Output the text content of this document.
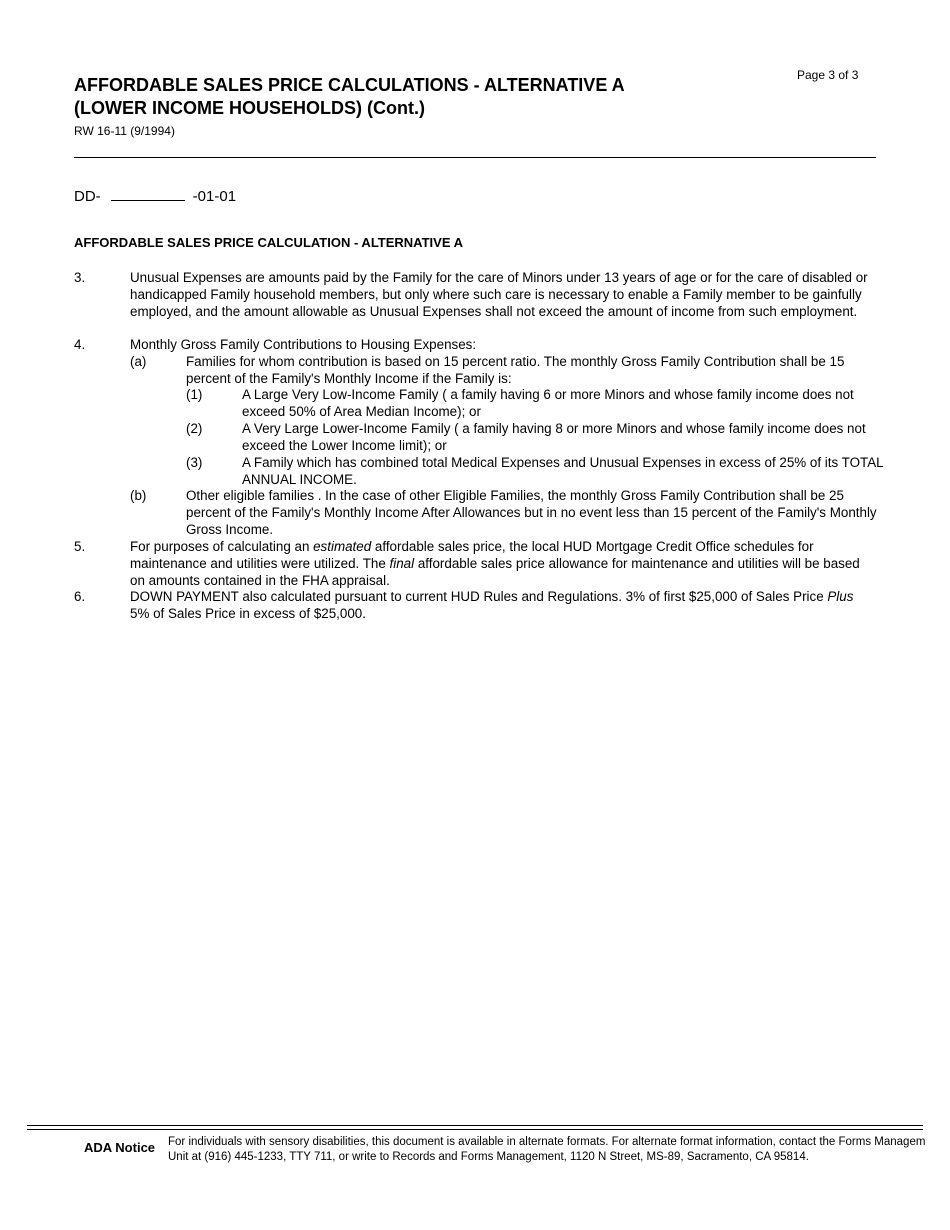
AFFORDABLE SALES PRICE CALCULATIONS - ALTERNATIVE A
(LOWER INCOME HOUSEHOLDS) (Cont.)
RW 16-11 (9/1994)
Page 3 of 3
DD-	-01-01
AFFORDABLE SALES PRICE CALCULATION - ALTERNATIVE A
3.	Unusual Expenses are amounts paid by the Family for the care of Minors under 13 years of age or for the care of disabled or handicapped Family household members, but only where such care is necessary to enable a Family member to be gainfully employed, and the amount allowable as Unusual Expenses shall not exceed the amount of income from such employment.
4.	Monthly Gross Family Contributions to Housing Expenses:
(a)	Families for whom contribution is based on 15 percent ratio. The monthly Gross Family Contribution shall be 15 percent of the Family's Monthly Income if the Family is:
(1)	A Large Very Low-Income Family ( a family having 6 or more Minors and whose family income does not exceed 50% of Area Median Income); or
(2)	A Very Large Lower-Income Family ( a family having 8 or more Minors and whose family income does not exceed the Lower Income limit); or
(3)	A Family which has combined total Medical Expenses and Unusual Expenses in excess of 25% of its TOTAL ANNUAL INCOME.
(b)	Other eligible families . In the case of other Eligible Families, the monthly Gross Family Contribution shall be 25 percent of the Family's Monthly Income After Allowances but in no event less than 15 percent of the Family's Monthly Gross Income.
5.	For purposes of calculating an estimated affordable sales price, the local HUD Mortgage Credit Office schedules for maintenance and utilities were utilized. The final affordable sales price allowance for maintenance and utilities will be based on amounts contained in the FHA appraisal.
6.	DOWN PAYMENT also calculated pursuant to current HUD Rules and Regulations. 3% of first $25,000 of Sales Price Plus 5% of Sales Price in excess of $25,000.
ADA Notice For individuals with sensory disabilities, this document is available in alternate formats. For alternate format information, contact the Forms Managem
Unit at (916) 445-1233, TTY 711, or write to Records and Forms Management, 1120 N Street, MS-89, Sacramento, CA 95814.
